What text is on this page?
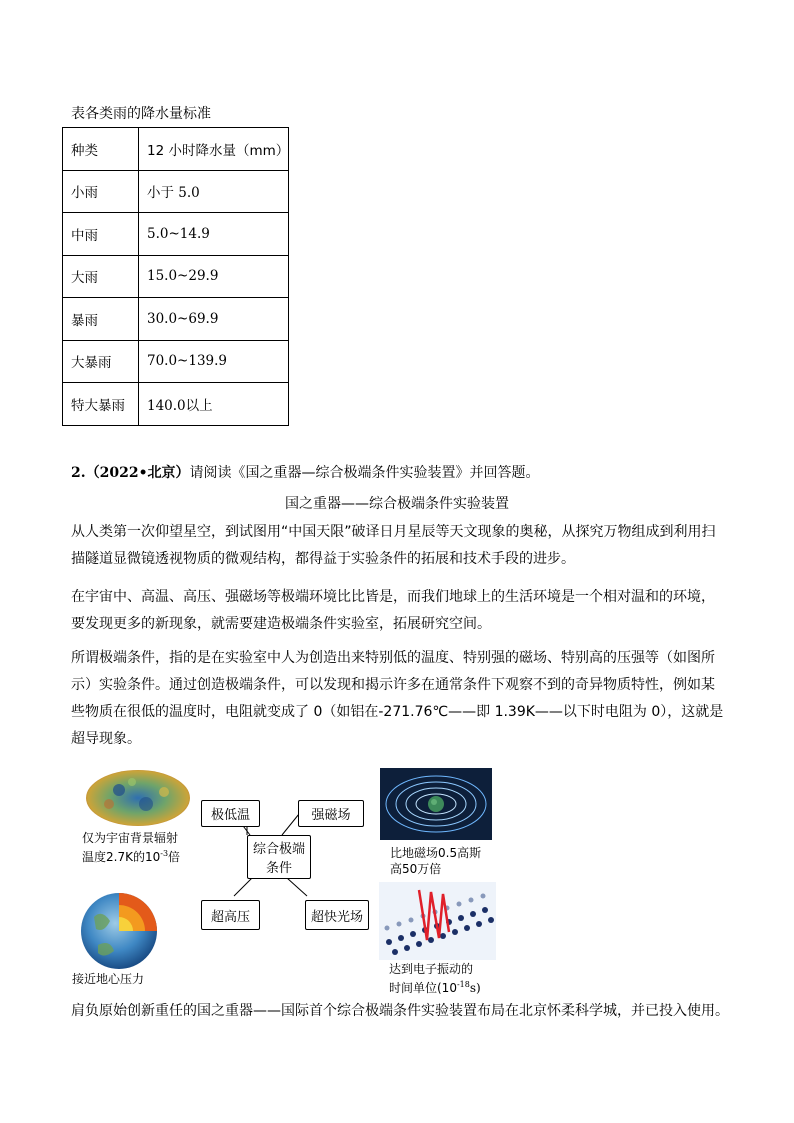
表各类雨的降水量标准
种类	12 小时降水量（mm）
小雨	小于 5.0
中雨	5.0~14.9
大雨	15.0~29.9
暴雨	30.0~69.9
大暴雨	70.0~139.9
特大暴雨	140.0以上
2.（2022•北京）请阅读《国之重器—综合极端条件实验装置》并回答题。
国之重器——综合极端条件实验装置
从人类第一次仰望星空，到试图用“中国天限”破译日月星辰等天文现象的奥秘，从探究万物组成到利用扫描隧道显微镜透视物质的微观结构，都得益于实验条件的拓展和技术手段的进步。
在宇宙中、高温、高压、强磁场等极端环境比比皆是，而我们地球上的生活环境是一个相对温和的环境，要发现更多的新现象，就需要建造极端条件实验室，拓展研究空间。
所谓极端条件，指的是在实验室中人为创造出来特别低的温度、特别强的磁场、特别高的压强等（如图所示）实验条件。通过创造极端条件，可以发现和揭示许多在通常条件下观察不到的奇异物质特性，例如某些物质在很低的温度时，电阻就变成了 0（如铝在-271.76℃——即 1.39K——以下时电阻为 0），这就是超导现象。
仅为宇宙背景辐射
温度2.7K的$10^{-3}$倍
接近地心压力
极低温	强磁场
综合极端条件
超高压	超快光场
比地磁场0.5高斯
高50万倍
达到电子振动的
时间单位$(10^{-18}s)$
肩负原始创新重任的国之重器——国际首个综合极端条件实验装置布局在北京怀柔科学城，并已投入使用。
